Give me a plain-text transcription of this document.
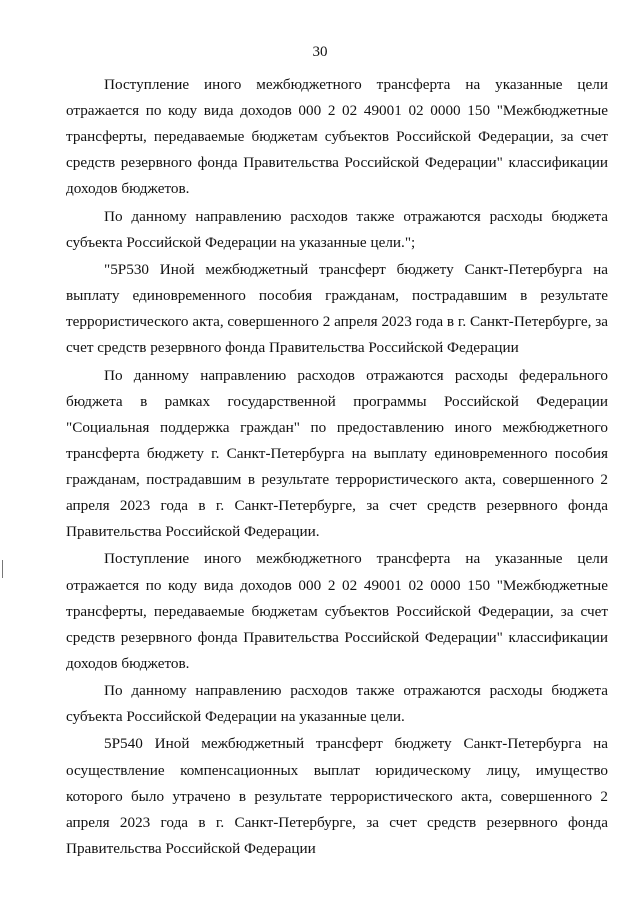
30

Поступление иного межбюджетного трансферта на указанные цели отражается по коду вида доходов 000 2 02 49001 02 0000 150 "Межбюджетные трансферты, передаваемые бюджетам субъектов Российской Федерации, за счет средств резервного фонда Правительства Российской Федерации" классификации доходов бюджетов.

По данному направлению расходов также отражаются расходы бюджета субъекта Российской Федерации на указанные цели.";

"5Р530 Иной межбюджетный трансферт бюджету Санкт-Петербурга на выплату единовременного пособия гражданам, пострадавшим в результате террористического акта, совершенного 2 апреля 2023 года в г. Санкт-Петербурге, за счет средств резервного фонда Правительства Российской Федерации

По данному направлению расходов отражаются расходы федерального бюджета в рамках государственной программы Российской Федерации "Социальная поддержка граждан" по предоставлению иного межбюджетного трансферта бюджету г. Санкт-Петербурга на выплату единовременного пособия гражданам, пострадавшим в результате террористического акта, совершенного 2 апреля 2023 года в г. Санкт-Петербурге, за счет средств резервного фонда Правительства Российской Федерации.

Поступление иного межбюджетного трансферта на указанные цели отражается по коду вида доходов 000 2 02 49001 02 0000 150 "Межбюджетные трансферты, передаваемые бюджетам субъектов Российской Федерации, за счет средств резервного фонда Правительства Российской Федерации" классификации доходов бюджетов.

По данному направлению расходов также отражаются расходы бюджета субъекта Российской Федерации на указанные цели.

5Р540 Иной межбюджетный трансферт бюджету Санкт-Петербурга на осуществление компенсационных выплат юридическому лицу, имущество которого было утрачено в результате террористического акта, совершенного 2 апреля 2023 года в г. Санкт-Петербурге, за счет средств резервного фонда Правительства Российской Федерации
